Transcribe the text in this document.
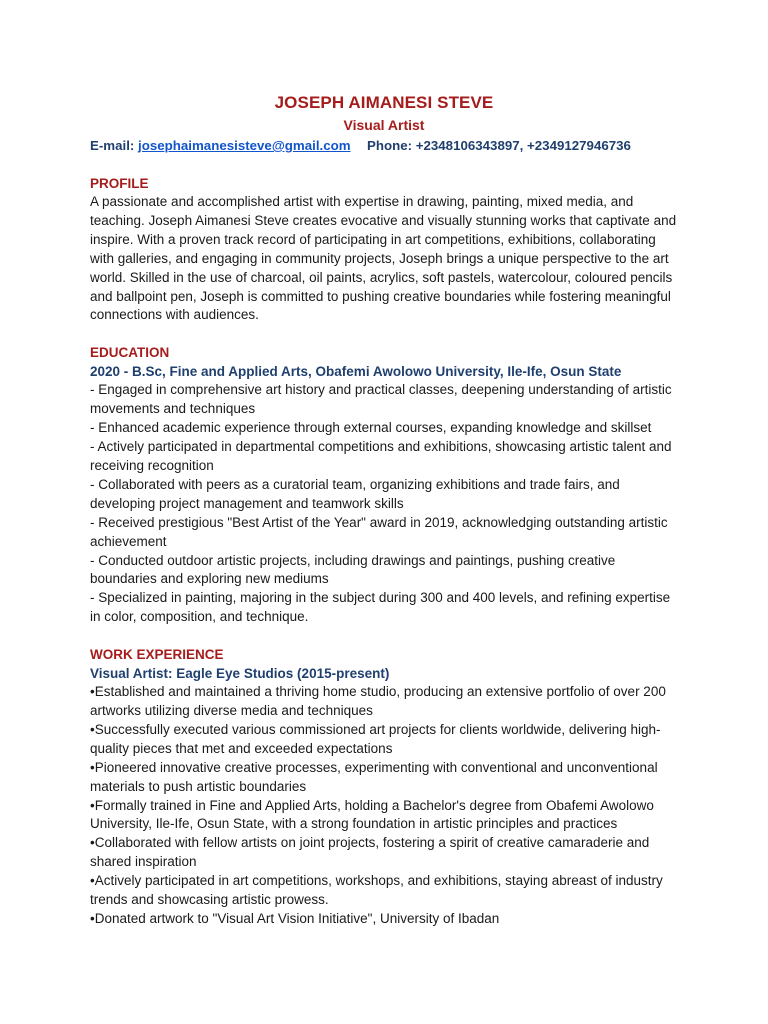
JOSEPH AIMANESI STEVE
Visual Artist
E-mail: josephaimanesisteve@gmail.com Phone: +2348106343897, +2349127946736
PROFILE

A passionate and accomplished artist with expertise in drawing, painting, mixed media, and teaching. Joseph Aimanesi Steve creates evocative and visually stunning works that captivate and inspire. With a proven track record of participating in art competitions, exhibitions, collaborating with galleries, and engaging in community projects, Joseph brings a unique perspective to the art world. Skilled in the use of charcoal, oil paints, acrylics, soft pastels, watercolour, coloured pencils and ballpoint pen, Joseph is committed to pushing creative boundaries while fostering meaningful connections with audiences.

EDUCATION
2020 - B.Sc, Fine and Applied Arts, Obafemi Awolowo University, Ile-Ife, Osun State

- Engaged in comprehensive art history and practical classes, deepening understanding of artistic movements and techniques

- Enhanced academic experience through external courses, expanding knowledge and skillset

- Actively participated in departmental competitions and exhibitions, showcasing artistic talent and receiving recognition

- Collaborated with peers as a curatorial team, organizing exhibitions and trade fairs, and developing project management and teamwork skills

- Received prestigious "Best Artist of the Year" award in 2019, acknowledging outstanding artistic achievement

- Conducted outdoor artistic projects, including drawings and paintings, pushing creative boundaries and exploring new mediums

- Specialized in painting, majoring in the subject during 300 and 400 levels, and refining expertise in color, composition, and technique.

WORK EXPERIENCE
Visual Artist: Eagle Eye Studios (2015-present)

•Established and maintained a thriving home studio, producing an extensive portfolio of over 200 artworks utilizing diverse media and techniques

•Successfully executed various commissioned art projects for clients worldwide, delivering high-quality pieces that met and exceeded expectations

•Pioneered innovative creative processes, experimenting with conventional and unconventional materials to push artistic boundaries

•Formally trained in Fine and Applied Arts, holding a Bachelor's degree from Obafemi Awolowo University, Ile-Ife, Osun State, with a strong foundation in artistic principles and practices

•Collaborated with fellow artists on joint projects, fostering a spirit of creative camaraderie and shared inspiration

•Actively participated in art competitions, workshops, and exhibitions, staying abreast of industry trends and showcasing artistic prowess.

•Donated artwork to "Visual Art Vision Initiative", University of Ibadan
